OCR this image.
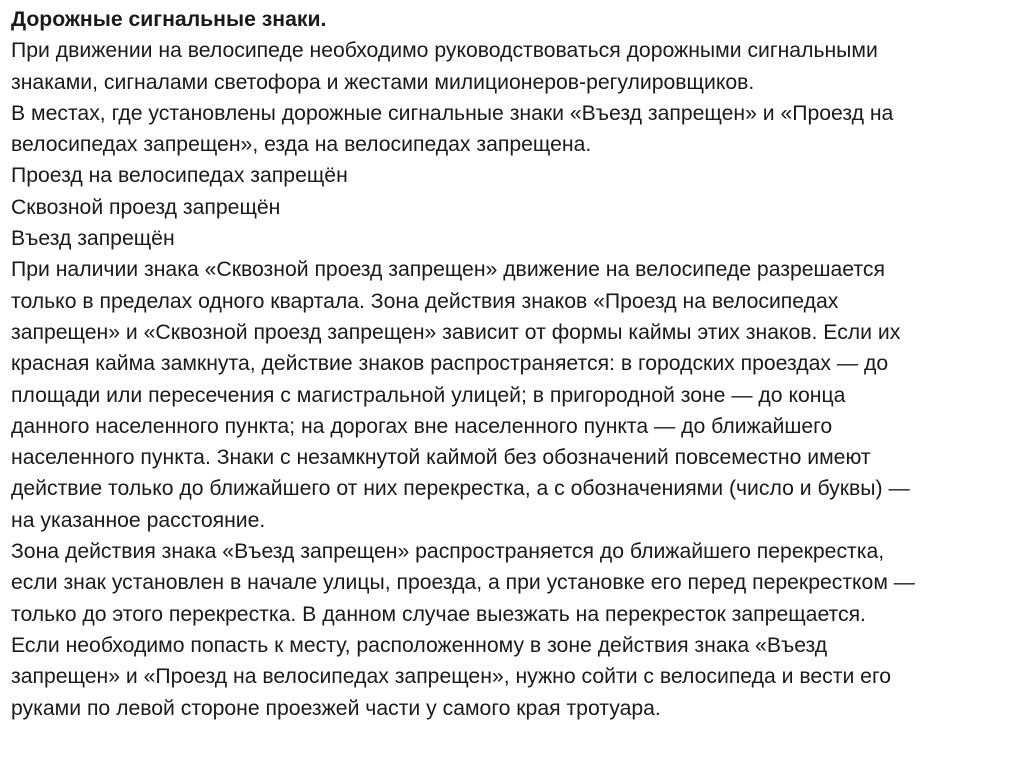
Дорожные сигнальные знаки.
При движении на велосипеде необходимо руководствоваться дорожными сигнальными
знаками, сигналами светофора и жестами милиционеров-регулировщиков.
В местах, где установлены дорожные сигнальные знаки «Въезд запрещен» и «Проезд на
велосипедах запрещен», езда на велосипедах запрещена.
Проезд на велосипедах запрещён
Сквозной проезд запрещён
Въезд запрещён
При наличии знака «Сквозной проезд запрещен» движение на велосипеде разрешается
только в пределах одного квартала. Зона действия знаков «Проезд на велосипедах
запрещен» и «Сквозной проезд запрещен» зависит от формы каймы этих знаков. Если их
красная кайма замкнута, действие знаков распространяется: в городских проездах — до
площади или пересечения с магистральной улицей; в пригородной зоне — до конца
данного населенного пункта; на дорогах вне населенного пункта — до ближайшего
населенного пункта. Знаки с незамкнутой каймой без обозначений повсеместно имеют
действие только до ближайшего от них перекрестка, а с обозначениями (число и буквы) —
на указанное расстояние.
Зона действия знака «Въезд запрещен» распространяется до ближайшего перекрестка,
если знак установлен в начале улицы, проезда, а при установке его перед перекрестком —
только до этого перекрестка. В данном случае выезжать на перекресток запрещается.
Если необходимо попасть к месту, расположенному в зоне действия знака «Въезд
запрещен» и «Проезд на велосипедах запрещен», нужно сойти с велосипеда и вести его
руками по левой стороне проезжей части у самого края тротуара.
